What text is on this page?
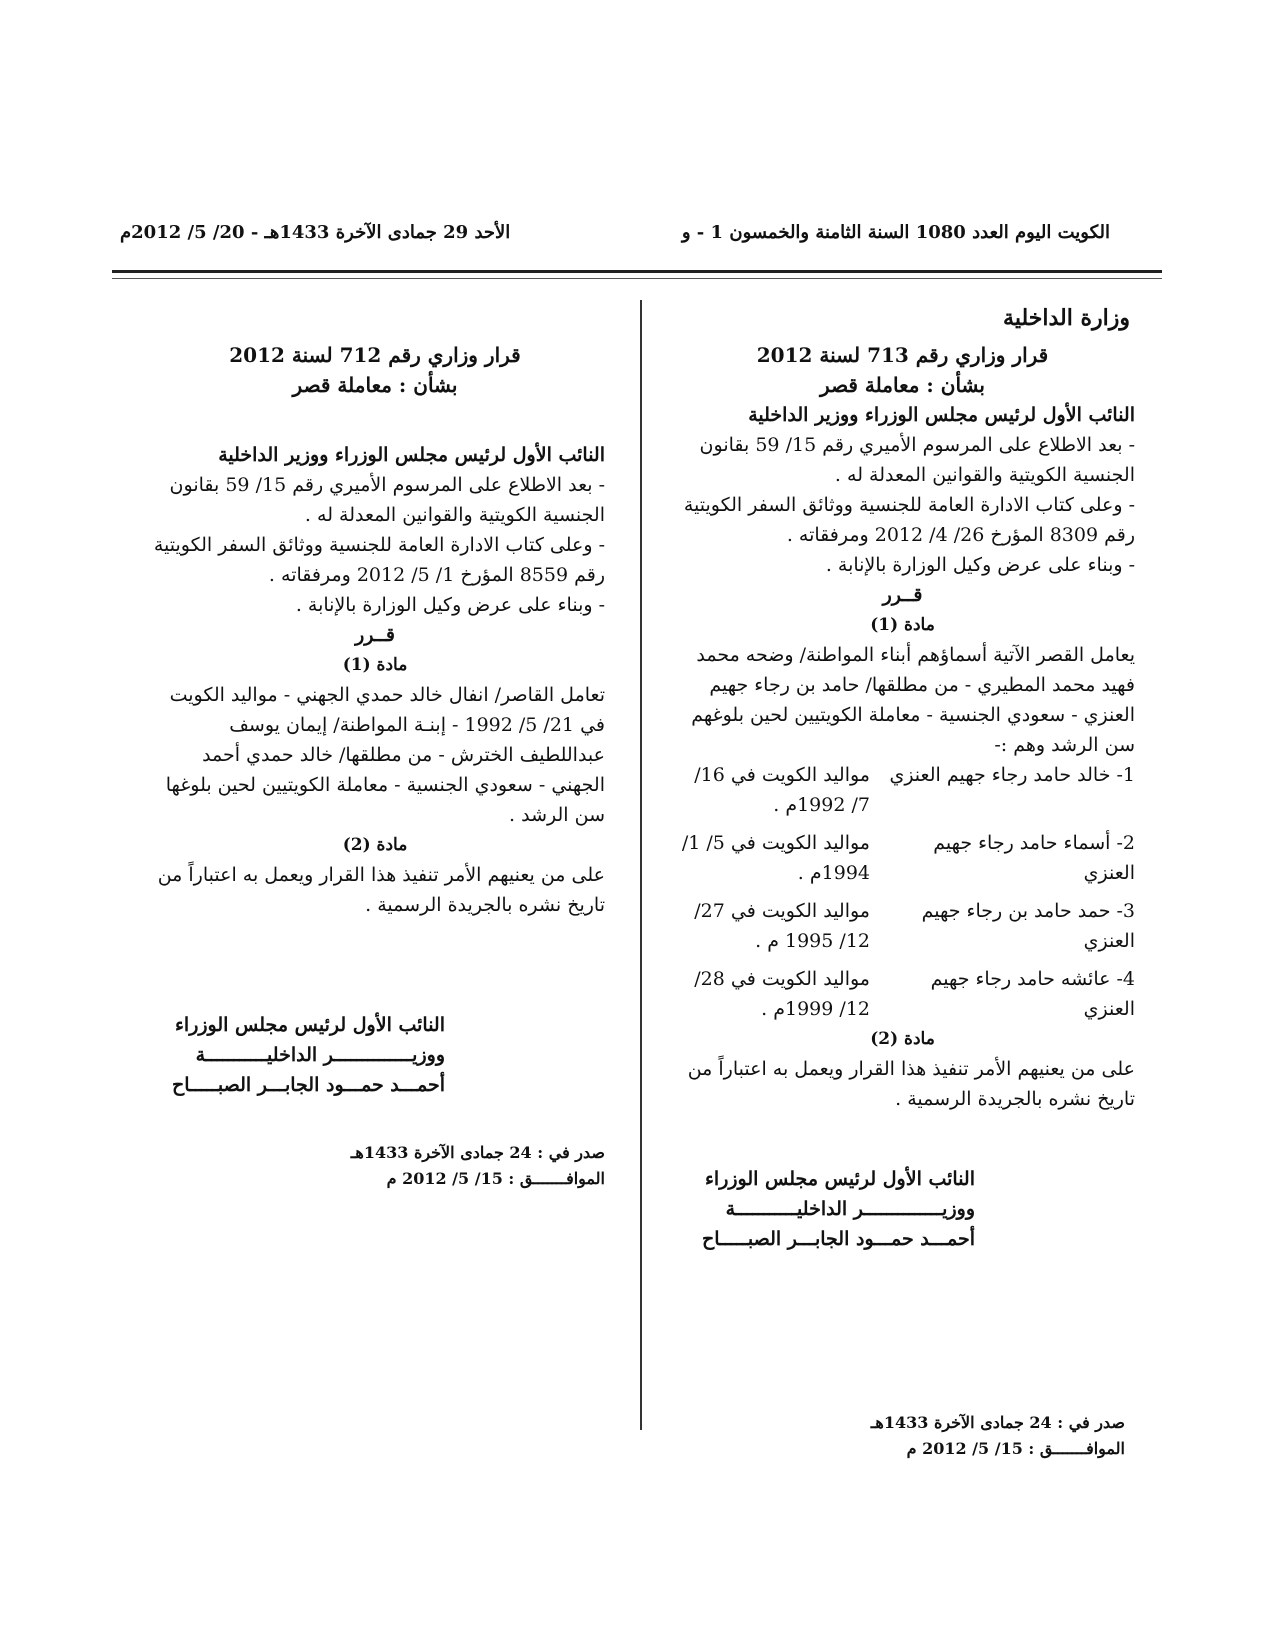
الكويت اليوم العدد 1080 السنة الثامنة والخمسون 1 - و
الأحد 29 جمادى الآخرة 1433هـ - 20/ 5/ 2012م
وزارة الداخلية

قرار وزاري رقم 713 لسنة 2012

بشأن : معاملة قصر

النائب الأول لرئيس مجلس الوزراء ووزير الداخلية

- بعد الاطلاع على المرسوم الأميري رقم 15/ 59 بقانون الجنسية الكويتية والقوانين المعدلة له .

- وعلى كتاب الادارة العامة للجنسية ووثائق السفر الكويتية رقم 8309 المؤرخ 26/ 4/ 2012 ومرفقاته .

- وبناء على عرض وكيل الوزارة بالإنابة .

قــرر

مادة (1)

يعامل القصر الآتية أسماؤهم أبناء المواطنة/ وضحه محمد فهيد محمد المطيري - من مطلقها/ حامد بن رجاء جهيم العنزي - سعودي الجنسية - معاملة الكويتيين لحين بلوغهم سن الرشد وهم :-

1- خالد حامد رجاء جهيم العنزي
مواليد الكويت في 16/ 7/ 1992م .
2- أسماء حامد رجاء جهيم العنزي
مواليد الكويت في 5/ 1/ 1994م .
3- حمد حامد بن رجاء جهيم العنزي
مواليد الكويت في 27/ 12/ 1995 م .
4- عائشه حامد رجاء جهيم العنزي
مواليد الكويت في 28/ 12/ 1999م .

مادة (2)

على من يعنيهم الأمر تنفيذ هذا القرار ويعمل به اعتباراً من تاريخ نشره بالجريدة الرسمية .

النائب الأول لرئيس مجلس الوزراء

ووزيــــــــــــــر الداخليـــــــــــة

أحمـــد حمـــود الجابـــر الصبـــــاح

صدر في : 24 جمادى الآخرة 1433هـ
الموافـــــــق : 15/ 5/ 2012 م

قرار وزاري رقم 712 لسنة 2012

بشأن : معاملة قصر

النائب الأول لرئيس مجلس الوزراء ووزير الداخلية

- بعد الاطلاع على المرسوم الأميري رقم 15/ 59 بقانون الجنسية الكويتية والقوانين المعدلة له .

- وعلى كتاب الادارة العامة للجنسية ووثائق السفر الكويتية رقم 8559 المؤرخ 1/ 5/ 2012 ومرفقاته .

- وبناء على عرض وكيل الوزارة بالإنابة .

قــرر

مادة (1)

تعامل القاصر/ انفال خالد حمدي الجهني - مواليد الكويت في 21/ 5/ 1992 - إبنـة المواطنة/ إيمان يوسف عبداللطيف الخترش - من مطلقها/ خالد حمدي أحمد الجهني - سعودي الجنسية - معاملة الكويتيين لحين بلوغها سن الرشد .

مادة (2)

على من يعنيهم الأمر تنفيذ هذا القرار ويعمل به اعتباراً من تاريخ نشره بالجريدة الرسمية .

النائب الأول لرئيس مجلس الوزراء

ووزيــــــــــــــر الداخليـــــــــــة

أحمـــد حمـــود الجابـــر الصبـــــاح

صدر في : 24 جمادى الآخرة 1433هـ
الموافـــــــق : 15/ 5/ 2012 م
